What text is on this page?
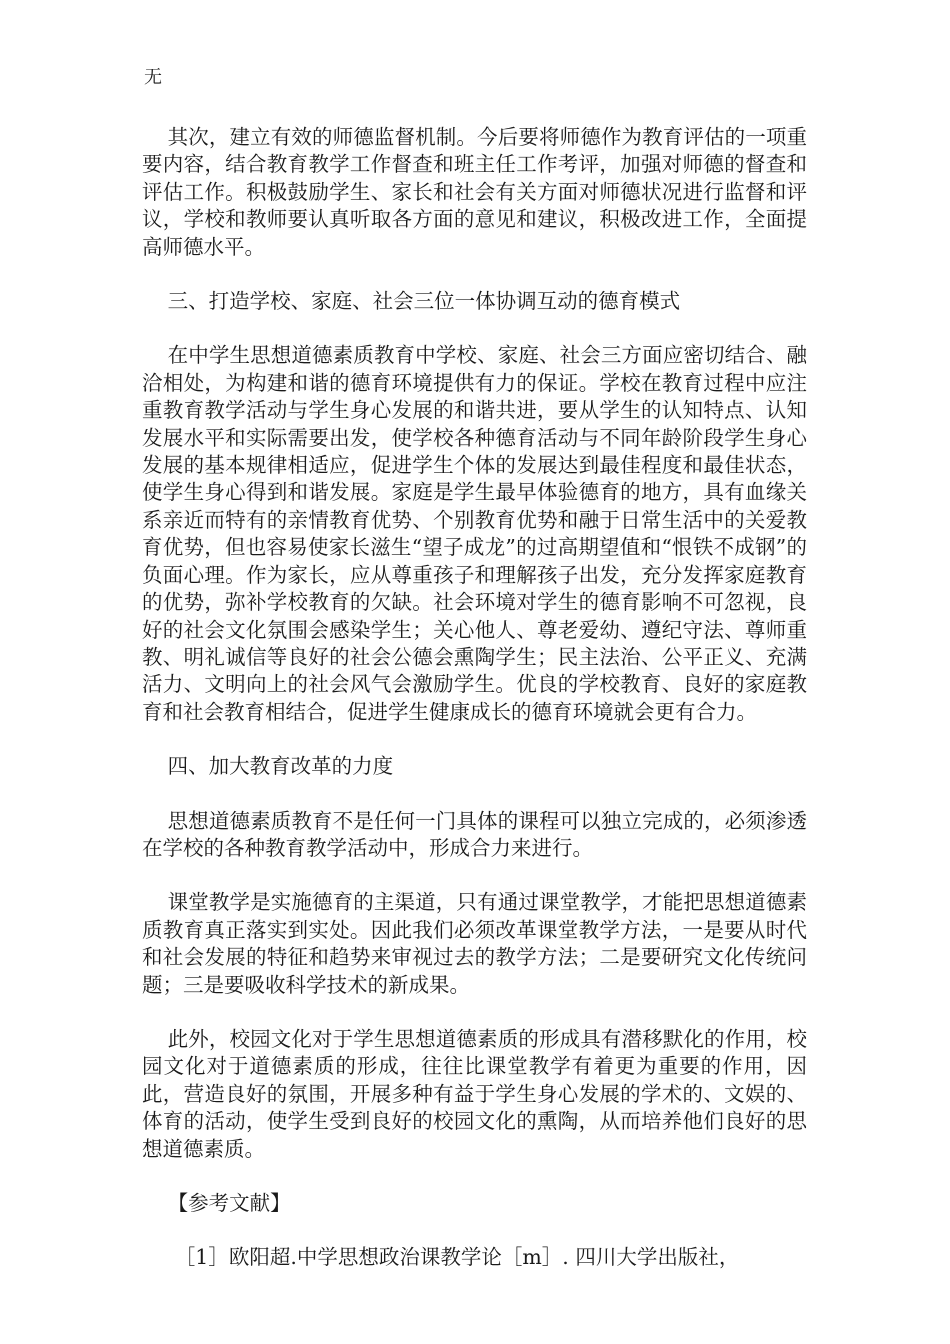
无

其次，建立有效的师德监督机制。今后要将师德作为教育评估的一项重要内容，结合教育教学工作督查和班主任工作考评，加强对师德的督查和评估工作。积极鼓励学生、家长和社会有关方面对师德状况进行监督和评议，学校和教师要认真听取各方面的意见和建议，积极改进工作，全面提高师德水平。

三、打造学校、家庭、社会三位一体协调互动的德育模式

在中学生思想道德素质教育中学校、家庭、社会三方面应密切结合、融洽相处，为构建和谐的德育环境提供有力的保证。学校在教育过程中应注重教育教学活动与学生身心发展的和谐共进，要从学生的认知特点、认知发展水平和实际需要出发，使学校各种德育活动与不同年龄阶段学生身心发展的基本规律相适应，促进学生个体的发展达到最佳程度和最佳状态，使学生身心得到和谐发展。家庭是学生最早体验德育的地方，具有血缘关系亲近而特有的亲情教育优势、个别教育优势和融于日常生活中的关爱教育优势，但也容易使家长滋生“望子成龙”的过高期望值和“恨铁不成钢”的负面心理。作为家长，应从尊重孩子和理解孩子出发，充分发挥家庭教育的优势，弥补学校教育的欠缺。社会环境对学生的德育影响不可忽视，良好的社会文化氛围会感染学生；关心他人、尊老爱幼、遵纪守法、尊师重教、明礼诚信等良好的社会公德会熏陶学生；民主法治、公平正义、充满活力、文明向上的社会风气会激励学生。优良的学校教育、良好的家庭教育和社会教育相结合，促进学生健康成长的德育环境就会更有合力。

四、加大教育改革的力度

思想道德素质教育不是任何一门具体的课程可以独立完成的，必须渗透在学校的各种教育教学活动中，形成合力来进行。

课堂教学是实施德育的主渠道，只有通过课堂教学，才能把思想道德素质教育真正落实到实处。因此我们必须改革课堂教学方法，一是要从时代和社会发展的特征和趋势来审视过去的教学方法；二是要研究文化传统问题；三是要吸收科学技术的新成果。

此外，校园文化对于学生思想道德素质的形成具有潜移默化的作用，校园文化对于道德素质的形成，往往比课堂教学有着更为重要的作用，因此，营造良好的氛围，开展多种有益于学生身心发展的学术的、文娱的、体育的活动，使学生受到良好的校园文化的熏陶，从而培养他们良好的思想道德素质。

【参考文献】

［1］欧阳超.中学思想政治课教学论［m］. 四川大学出版社，
